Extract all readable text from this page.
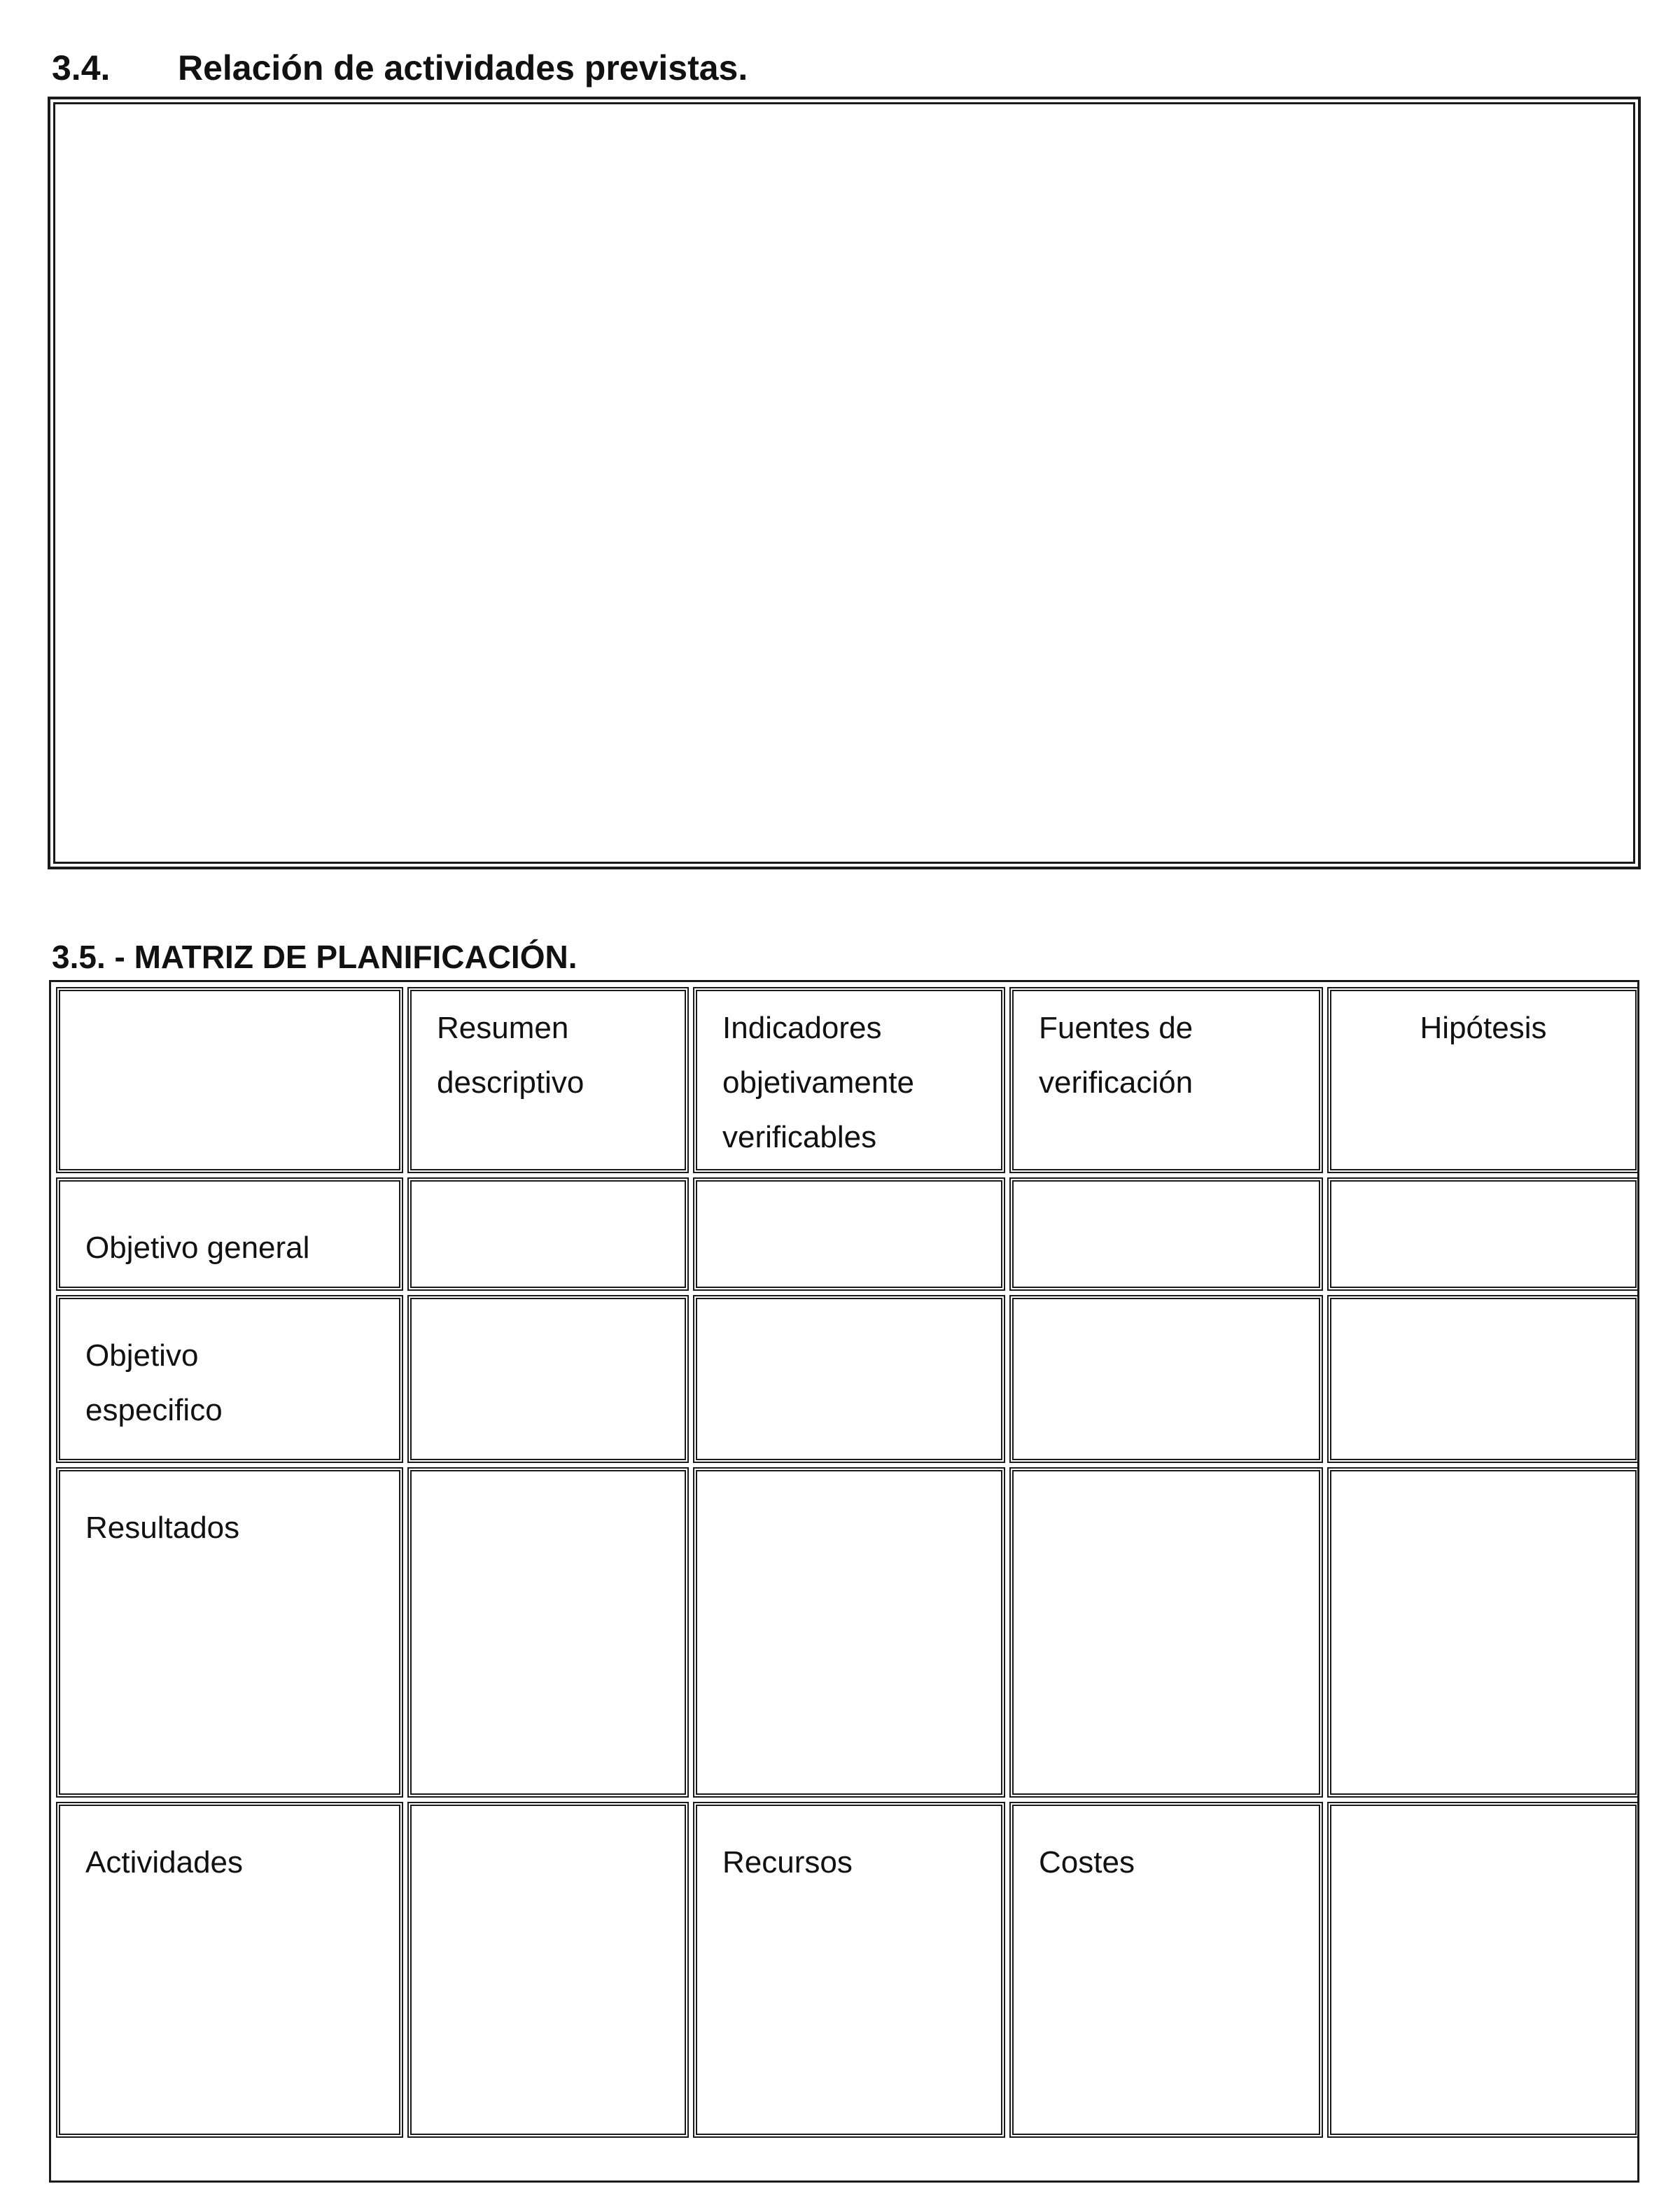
3.4. Relación de actividades previstas.
3.5. - MATRIZ DE PLANIFICACIÓN.
Resumen
descriptivo
Indicadores
objetivamente
verificables
Fuentes de
verificación
Hipótesis
Objetivo general
Objetivo
especifico
Resultados
Actividades	Recursos	Costes
